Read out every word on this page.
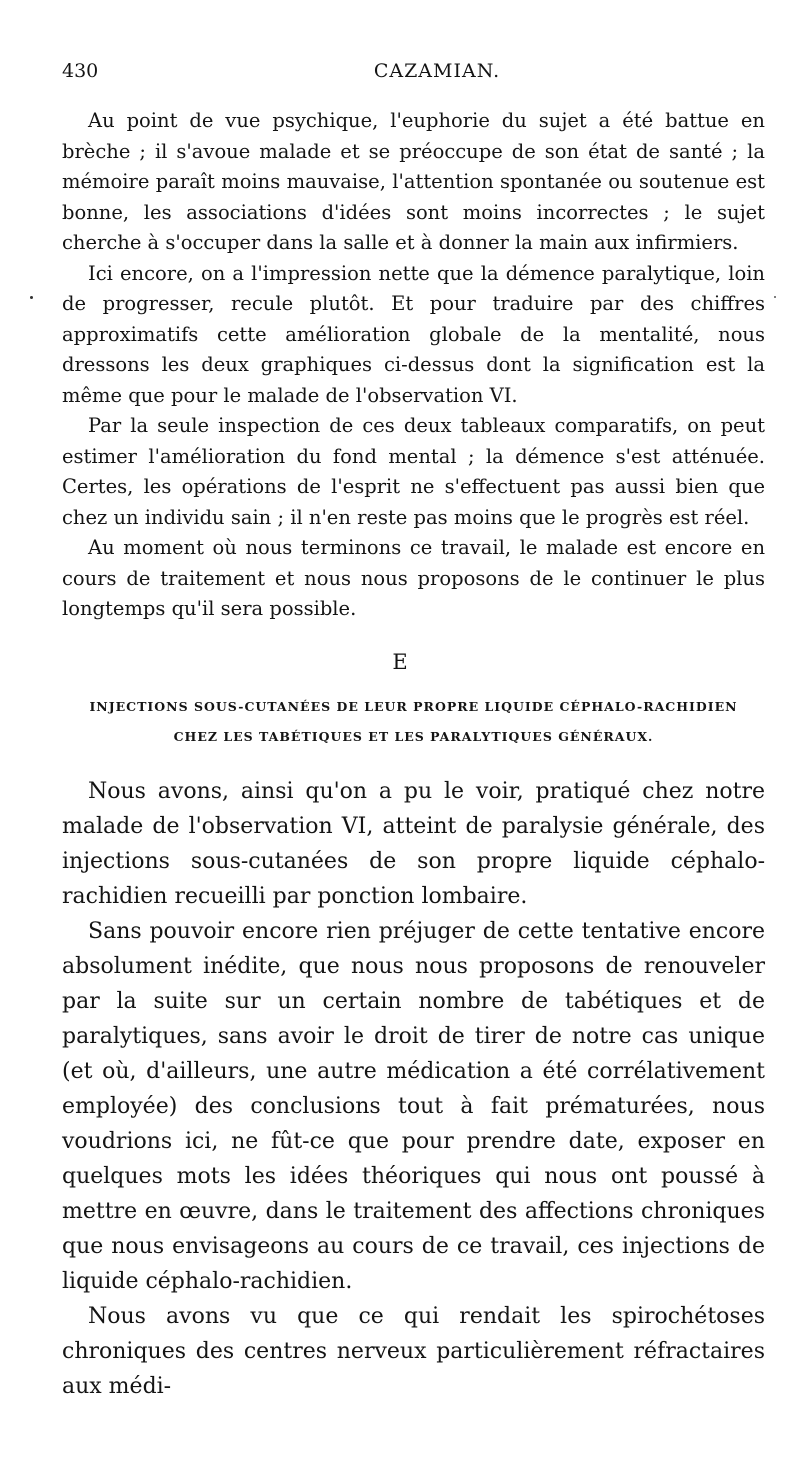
430	CAZAMIAN.

Au point de vue psychique, l'euphorie du sujet a été battue en brèche ; il s'avoue malade et se préoccupe de son état de santé ; la mémoire paraît moins mauvaise, l'attention spontanée ou soutenue est bonne, les associations d'idées sont moins incorrectes ; le sujet cherche à s'occuper dans la salle et à donner la main aux infirmiers.

Ici encore, on a l'impression nette que la démence paralytique, loin de progresser, recule plutôt. Et pour traduire par des chiffres approximatifs cette amélioration globale de la mentalité, nous dressons les deux graphiques ci-dessus dont la signification est la même que pour le malade de l'observation VI.

Par la seule inspection de ces deux tableaux comparatifs, on peut estimer l'amélioration du fond mental ; la démence s'est atténuée. Certes, les opérations de l'esprit ne s'effectuent pas aussi bien que chez un individu sain ; il n'en reste pas moins que le progrès est réel.

Au moment où nous terminons ce travail, le malade est encore en cours de traitement et nous nous proposons de le continuer le plus longtemps qu'il sera possible.

E
INJECTIONS SOUS-CUTANÉES DE LEUR PROPRE LIQUIDE CÉPHALO-RACHIDIEN
CHEZ LES TABÉTIQUES ET LES PARALYTIQUES GÉNÉRAUX.

Nous avons, ainsi qu'on a pu le voir, pratiqué chez notre malade de l'observation VI, atteint de paralysie générale, des injections sous-cutanées de son propre liquide céphalo-rachidien recueilli par ponction lombaire.

Sans pouvoir encore rien préjuger de cette tentative encore absolument inédite, que nous nous proposons de renouveler par la suite sur un certain nombre de tabétiques et de paralytiques, sans avoir le droit de tirer de notre cas unique (et où, d'ailleurs, une autre médication a été corrélativement employée) des conclusions tout à fait prématurées, nous voudrions ici, ne fût-ce que pour prendre date, exposer en quelques mots les idées théoriques qui nous ont poussé à mettre en œuvre, dans le traitement des affections chroniques que nous envisageons au cours de ce travail, ces injections de liquide céphalo-rachidien.

Nous avons vu que ce qui rendait les spirochétoses chroniques des centres nerveux particulièrement réfractaires aux médi-
